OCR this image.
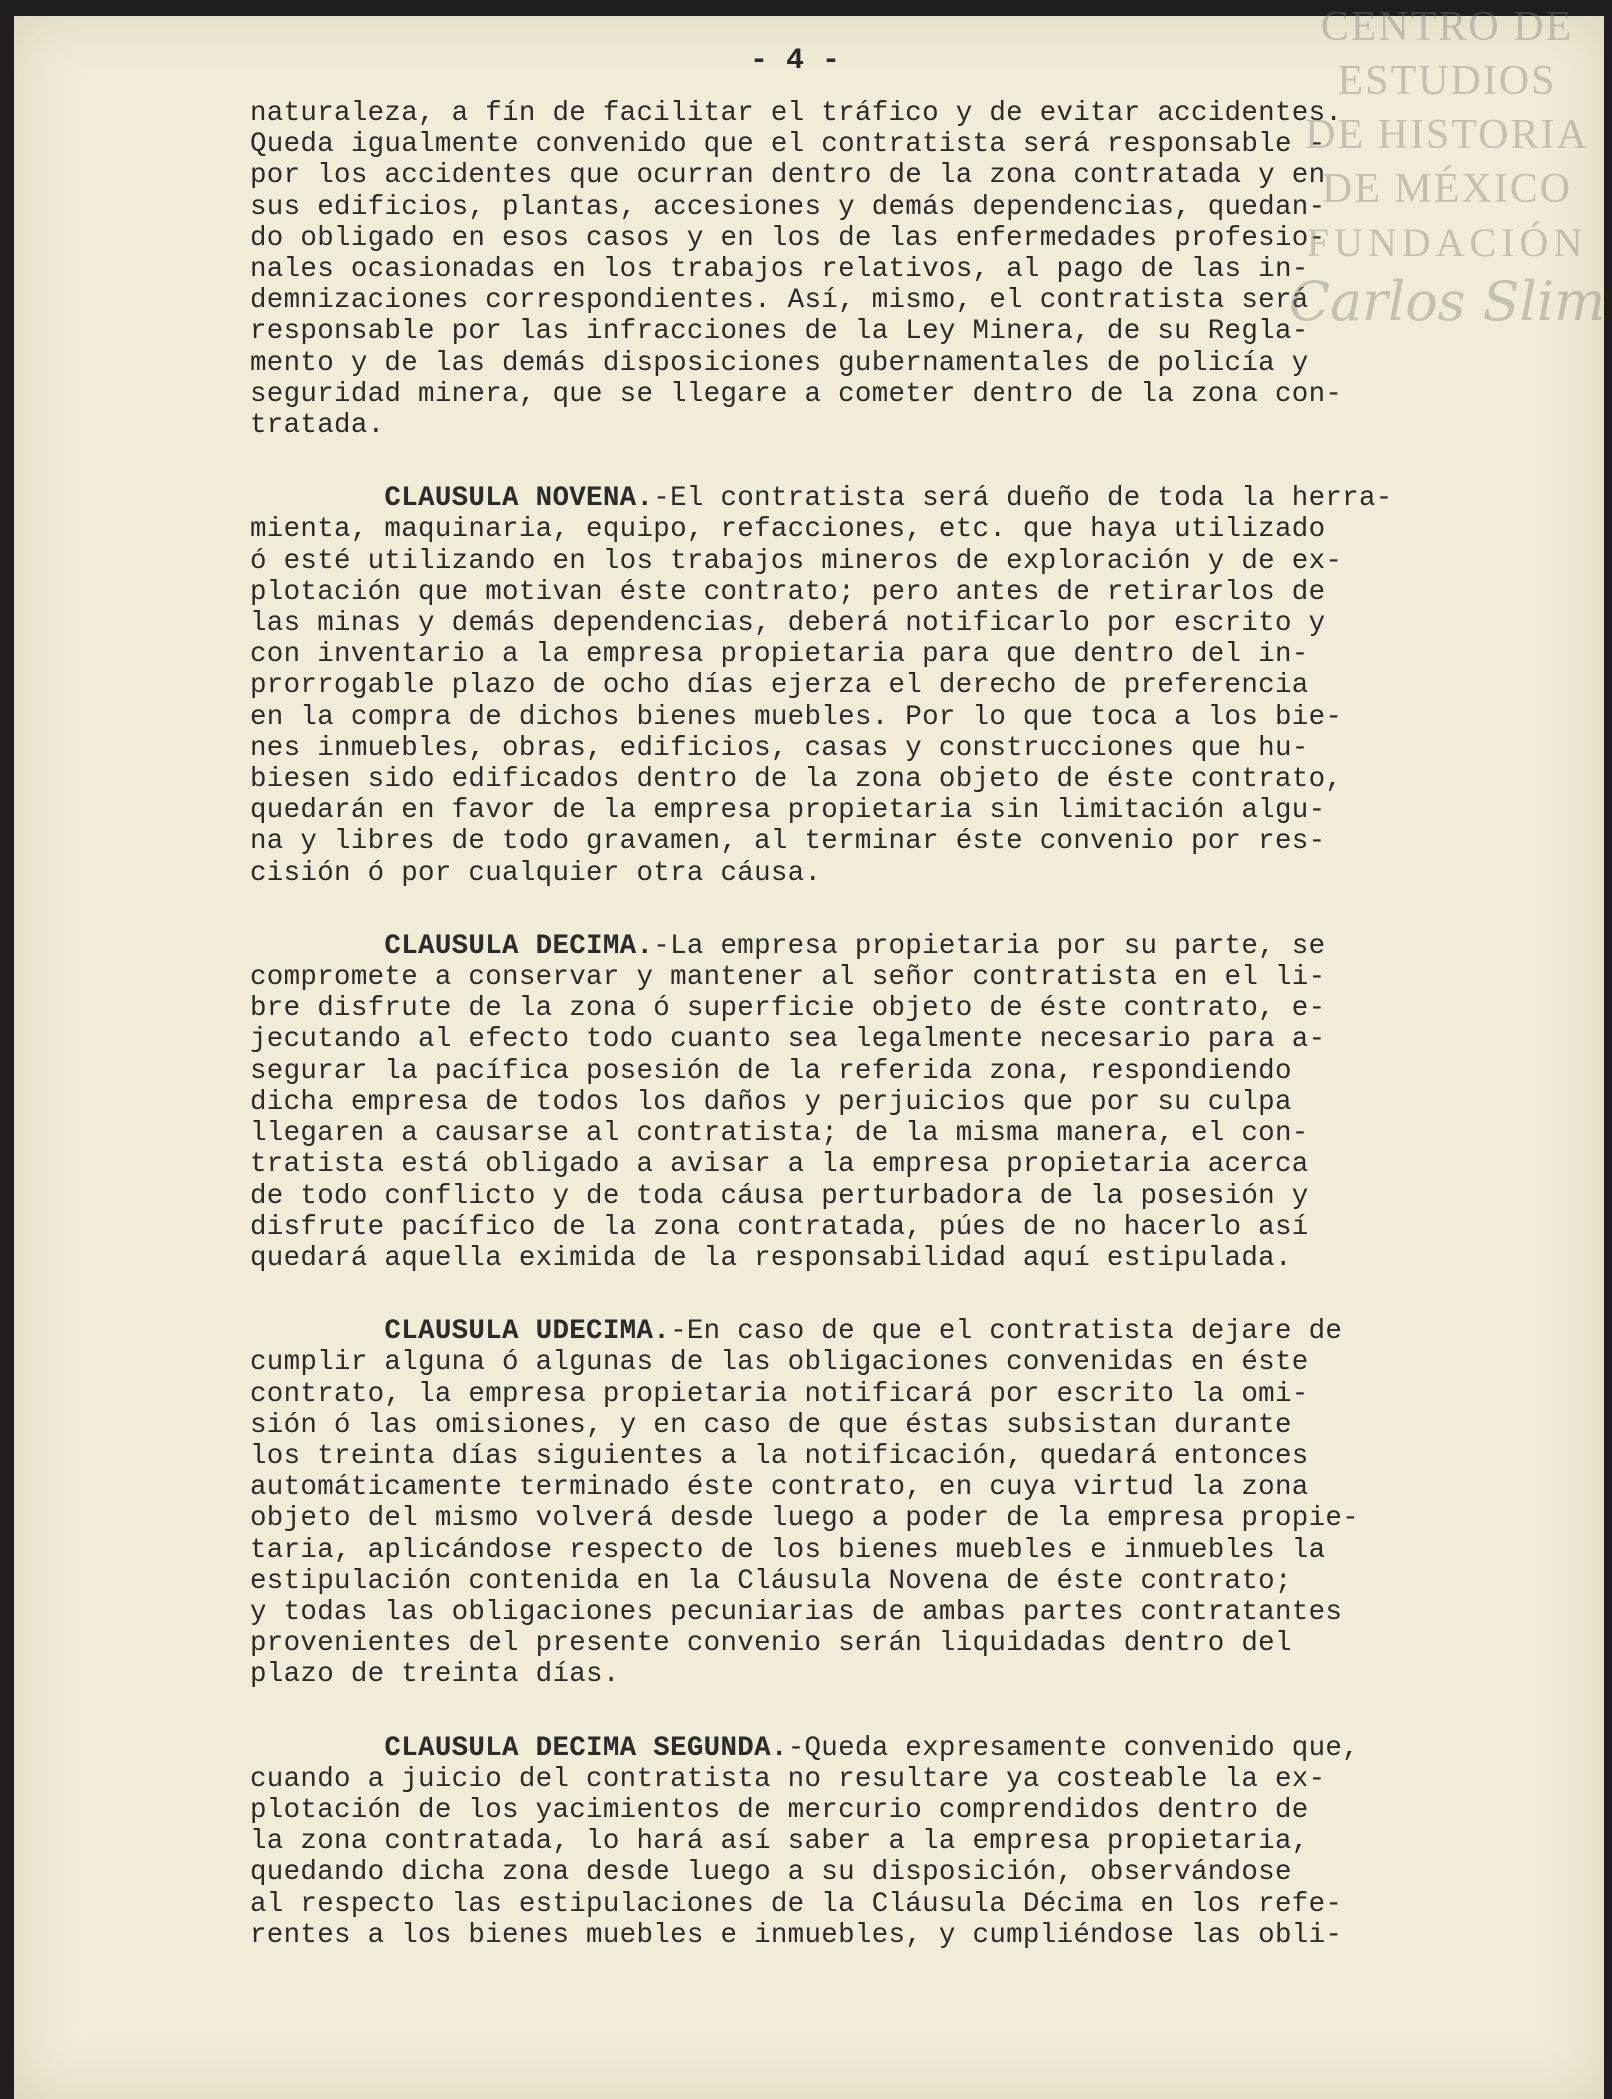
- 4 -
naturaleza, a fín de facilitar el tráfico y de evitar accidentes.
Queda igualmente convenido que el contratista será responsable -
por los accidentes que ocurran dentro de la zona contratada y en
sus edificios, plantas, accesiones y demás dependencias, quedan-
do obligado en esos casos y en los de las enfermedades profesio-
nales ocasionadas en los trabajos relativos, al pago de las in-
demnizaciones correspondientes. Así, mismo, el contratista será
responsable por las infracciones de la Ley Minera, de su Regla-
mento y de las demás disposiciones gubernamentales de policía y
seguridad minera, que se llegare a cometer dentro de la zona con-
tratada.
CLAUSULA NOVENA.-El contratista será dueño de toda la herra-
mienta, maquinaria, equipo, refacciones, etc. que haya utilizado
ó esté utilizando en los trabajos mineros de exploración y de ex-
plotación que motivan éste contrato; pero antes de retirarlos de
las minas y demás dependencias, deberá notificarlo por escrito y
con inventario a la empresa propietaria para que dentro del in-
prorrogable plazo de ocho días ejerza el derecho de preferencia
en la compra de dichos bienes muebles. Por lo que toca a los bie-
nes inmuebles, obras, edificios, casas y construcciones que hu-
biesen sido edificados dentro de la zona objeto de éste contrato,
quedarán en favor de la empresa propietaria sin limitación algu-
na y libres de todo gravamen, al terminar éste convenio por res-
cisión ó por cualquier otra cáusa.
CLAUSULA DECIMA.-La empresa propietaria por su parte, se
compromete a conservar y mantener al señor contratista en el li-
bre disfrute de la zona ó superficie objeto de éste contrato, e-
jecutando al efecto todo cuanto sea legalmente necesario para a-
segurar la pacífica posesión de la referida zona, respondiendo
dicha empresa de todos los daños y perjuicios que por su culpa
llegaren a causarse al contratista; de la misma manera, el con-
tratista está obligado a avisar a la empresa propietaria acerca
de todo conflicto y de toda cáusa perturbadora de la posesión y
disfrute pacífico de la zona contratada, púes de no hacerlo así
quedará aquella eximida de la responsabilidad aquí estipulada.
CLAUSULA UDECIMA.-En caso de que el contratista dejare de
cumplir alguna ó algunas de las obligaciones convenidas en éste
contrato, la empresa propietaria notificará por escrito la omi-
sión ó las omisiones, y en caso de que éstas subsistan durante
los treinta días siguientes a la notificación, quedará entonces
automáticamente terminado éste contrato, en cuya virtud la zona
objeto del mismo volverá desde luego a poder de la empresa propie-
taria, aplicándose respecto de los bienes muebles e inmuebles la
estipulación contenida en la Cláusula Novena de éste contrato;
y todas las obligaciones pecuniarias de ambas partes contratantes
provenientes del presente convenio serán liquidadas dentro del
plazo de treinta días.
CLAUSULA DECIMA SEGUNDA.-Queda expresamente convenido que,
cuando a juicio del contratista no resultare ya costeable la ex-
plotación de los yacimientos de mercurio comprendidos dentro de
la zona contratada, lo hará así saber a la empresa propietaria,
quedando dicha zona desde luego a su disposición, observándose
al respecto las estipulaciones de la Cláusula Décima en los refe-
rentes a los bienes muebles e inmuebles, y cumpliéndose las obli-
CENTRO DE
ESTUDIOS
DE HISTORIA
DE MÉXICO
FUNDACIÓN
Carlos Slim
